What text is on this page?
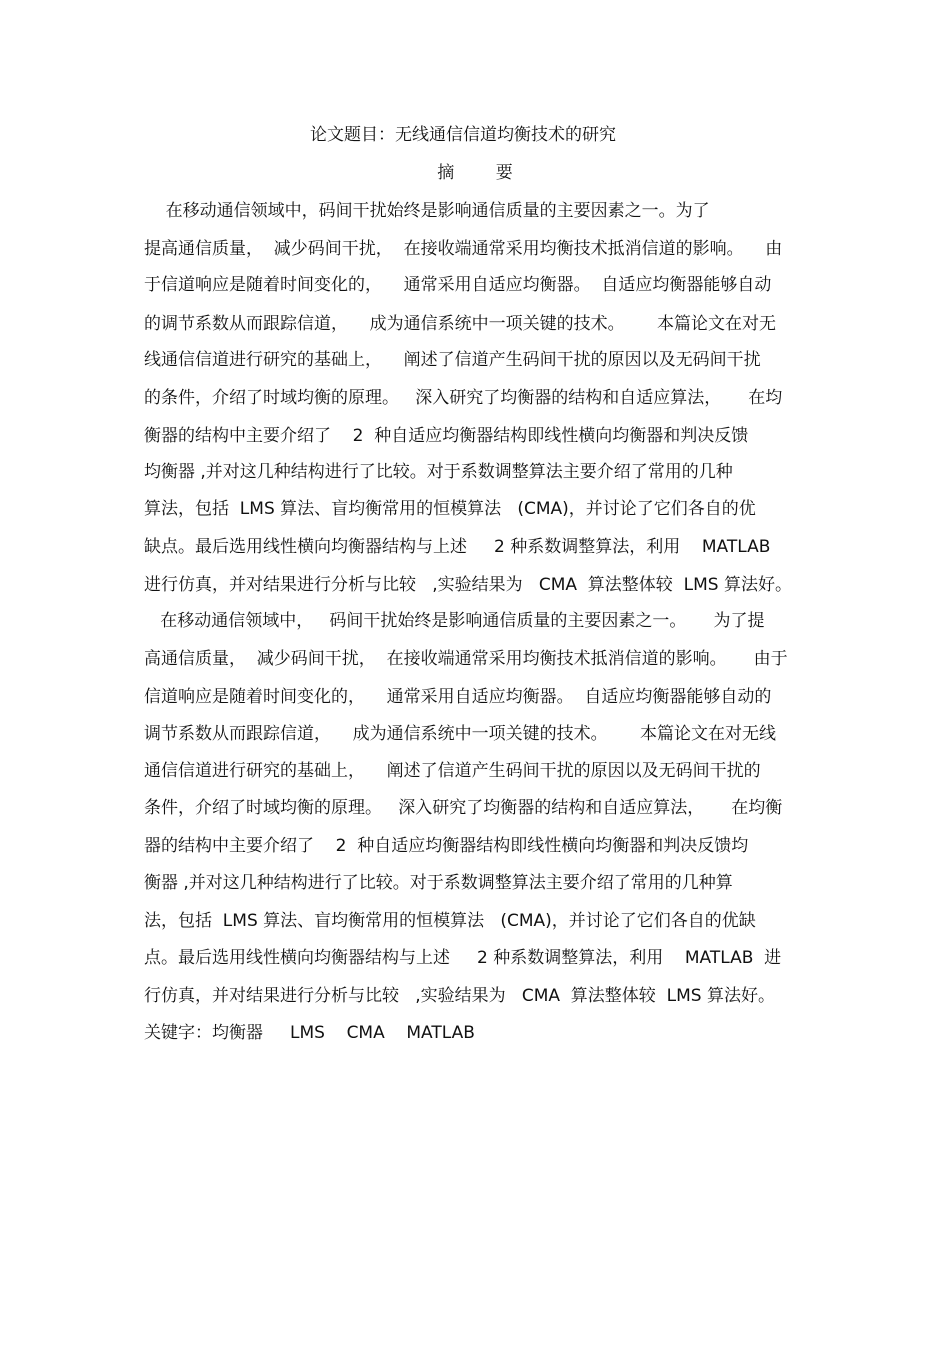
论文题目：无线通信信道均衡技术的研究
摘 要
在移动通信领域中，码间干扰始终是影响通信质量的主要因素之一。为了
提高通信质量，  减少码间干扰，  在接收端通常采用均衡技术抵消信道的影响。    由
于信道响应是随着时间变化的，    通常采用自适应均衡器。  自适应均衡器能够自动
的调节系数从而跟踪信道，    成为通信系统中一项关键的技术。      本篇论文在对无
线通信信道进行研究的基础上，    阐述了信道产生码间干扰的原因以及无码间干扰
的条件，介绍了时域均衡的原理。   深入研究了均衡器的结构和自适应算法，     在均
衡器的结构中主要介绍了    2  种自适应均衡器结构即线性横向均衡器和判决反馈
均衡器 ,并对这几种结构进行了比较。对于系数调整算法主要介绍了常用的几种
算法，包括  LMS 算法、盲均衡常用的恒模算法   (CMA)，并讨论了它们各自的优
缺点。最后选用线性横向均衡器结构与上述     2 种系数调整算法，利用    MATLAB
进行仿真，并对结果进行分析与比较   ,实验结果为   CMA  算法整体较  LMS 算法好。
在移动通信领域中，   码间干扰始终是影响通信质量的主要因素之一。     为了提
高通信质量，  减少码间干扰，  在接收端通常采用均衡技术抵消信道的影响。     由于
信道响应是随着时间变化的，    通常采用自适应均衡器。  自适应均衡器能够自动的
调节系数从而跟踪信道，    成为通信系统中一项关键的技术。      本篇论文在对无线
通信信道进行研究的基础上，    阐述了信道产生码间干扰的原因以及无码间干扰的
条件，介绍了时域均衡的原理。   深入研究了均衡器的结构和自适应算法，     在均衡
器的结构中主要介绍了    2  种自适应均衡器结构即线性横向均衡器和判决反馈均
衡器 ,并对这几种结构进行了比较。对于系数调整算法主要介绍了常用的几种算
法，包括  LMS 算法、盲均衡常用的恒模算法   (CMA)，并讨论了它们各自的优缺
点。最后选用线性横向均衡器结构与上述     2 种系数调整算法，利用    MATLAB  进
行仿真，并对结果进行分析与比较   ,实验结果为   CMA  算法整体较  LMS 算法好。
关键字：均衡器     LMS    CMA    MATLAB
